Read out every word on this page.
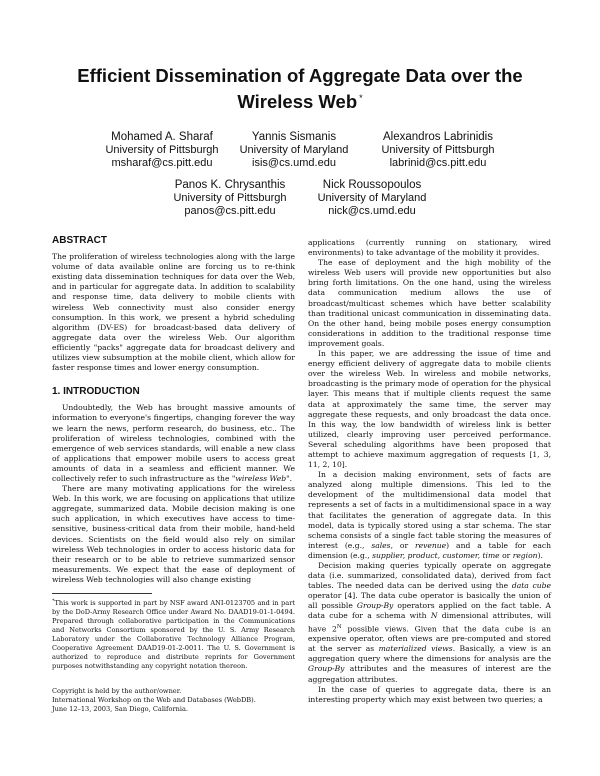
Efficient Dissemination of Aggregate Data over the
Wireless Web *
Mohamed A. Sharaf
University of Pittsburgh
msharaf@cs.pitt.edu
Yannis Sismanis
University of Maryland
isis@cs.umd.edu
Alexandros Labrinidis
University of Pittsburgh
labrinid@cs.pitt.edu
Panos K. Chrysanthis
University of Pittsburgh
panos@cs.pitt.edu
Nick Roussopoulos
University of Maryland
nick@cs.umd.edu
ABSTRACT

The proliferation of wireless technologies along with the large volume of data available online are forcing us to re-think existing data dissemination techniques for data over the Web, and in particular for aggregate data. In addition to scalability and response time, data delivery to mobile clients with wireless Web connectivity must also consider energy consumption. In this work, we present a hybrid scheduling algorithm (DV-ES) for broadcast-based data delivery of aggregate data over the wireless Web. Our algorithm efficiently "packs" aggregate data for broadcast delivery and utilizes view subsumption at the mobile client, which allow for faster response times and lower energy consumption.

1. INTRODUCTION

Undoubtedly, the Web has brought massive amounts of information to everyone's fingertips, changing forever the way we learn the news, perform research, do business, etc.. The proliferation of wireless technologies, combined with the emergence of web services standards, will enable a new class of applications that empower mobile users to access great amounts of data in a seamless and efficient manner. We collectively refer to such infrastructure as the "wireless Web".

There are many motivating applications for the wireless Web. In this work, we are focusing on applications that utilize aggregate, summarized data. Mobile decision making is one such application, in which executives have access to time-sensitive, business-critical data from their mobile, hand-held devices. Scientists on the field would also rely on similar wireless Web technologies in order to access historic data for their research or to be able to retrieve summarized sensor measurements. We expect that the ease of deployment of wireless Web technologies will also change existing

*This work is supported in part by NSF award ANI-0123705 and in part by the DoD-Army Research Office under Award No. DAAD19-01-1-0494. Prepared through collaborative participation in the Communications and Networks Consortium sponsored by the U. S. Army Research Laboratory under the Collaborative Technology Alliance Program, Cooperative Agreement DAAD19-01-2-0011. The U. S. Government is authorized to reproduce and distribute reprints for Government purposes notwithstanding any copyright notation thereon.

Copyright is held by the author/owner.
International Workshop on the Web and Databases (WebDB).
June 12–13, 2003, San Diego, California.

applications (currently running on stationary, wired environments) to take advantage of the mobility it provides.

The ease of deployment and the high mobility of the wireless Web users will provide new opportunities but also bring forth limitations. On the one hand, using the wireless data communication medium allows the use of broadcast/multicast schemes which have better scalability than traditional unicast communication in disseminating data. On the other hand, being mobile poses energy consumption considerations in addition to the traditional response time improvement goals.

In this paper, we are addressing the issue of time and energy efficient delivery of aggregate data to mobile clients over the wireless Web. In wireless and mobile networks, broadcasting is the primary mode of operation for the physical layer. This means that if multiple clients request the same data at approximately the same time, the server may aggregate these requests, and only broadcast the data once. In this way, the low bandwidth of wireless link is better utilized, clearly improving user perceived performance. Several scheduling algorithms have been proposed that attempt to achieve maximum aggregation of requests [1, 3, 11, 2, 10].

In a decision making environment, sets of facts are analyzed along multiple dimensions. This led to the development of the multidimensional data model that represents a set of facts in a multidimensional space in a way that facilitates the generation of aggregate data. In this model, data is typically stored using a star schema. The star schema consists of a single fact table storing the measures of interest (e.g., sales, or revenue) and a table for each dimension (e.g., supplier, product, customer, time or region).

Decision making queries typically operate on aggregate data (i.e. summarized, consolidated data), derived from fact tables. The needed data can be derived using the data cube operator [4]. The data cube operator is basically the union of all possible Group-By operators applied on the fact table. A data cube for a schema with N dimensional attributes, will have $2^N$ possible views. Given that the data cube is an expensive operator, often views are pre-computed and stored at the server as materialized views. Basically, a view is an aggregation query where the dimensions for analysis are the Group-By attributes and the measures of interest are the aggregation attributes.

In the case of queries to aggregate data, there is an interesting property which may exist between two queries; a
